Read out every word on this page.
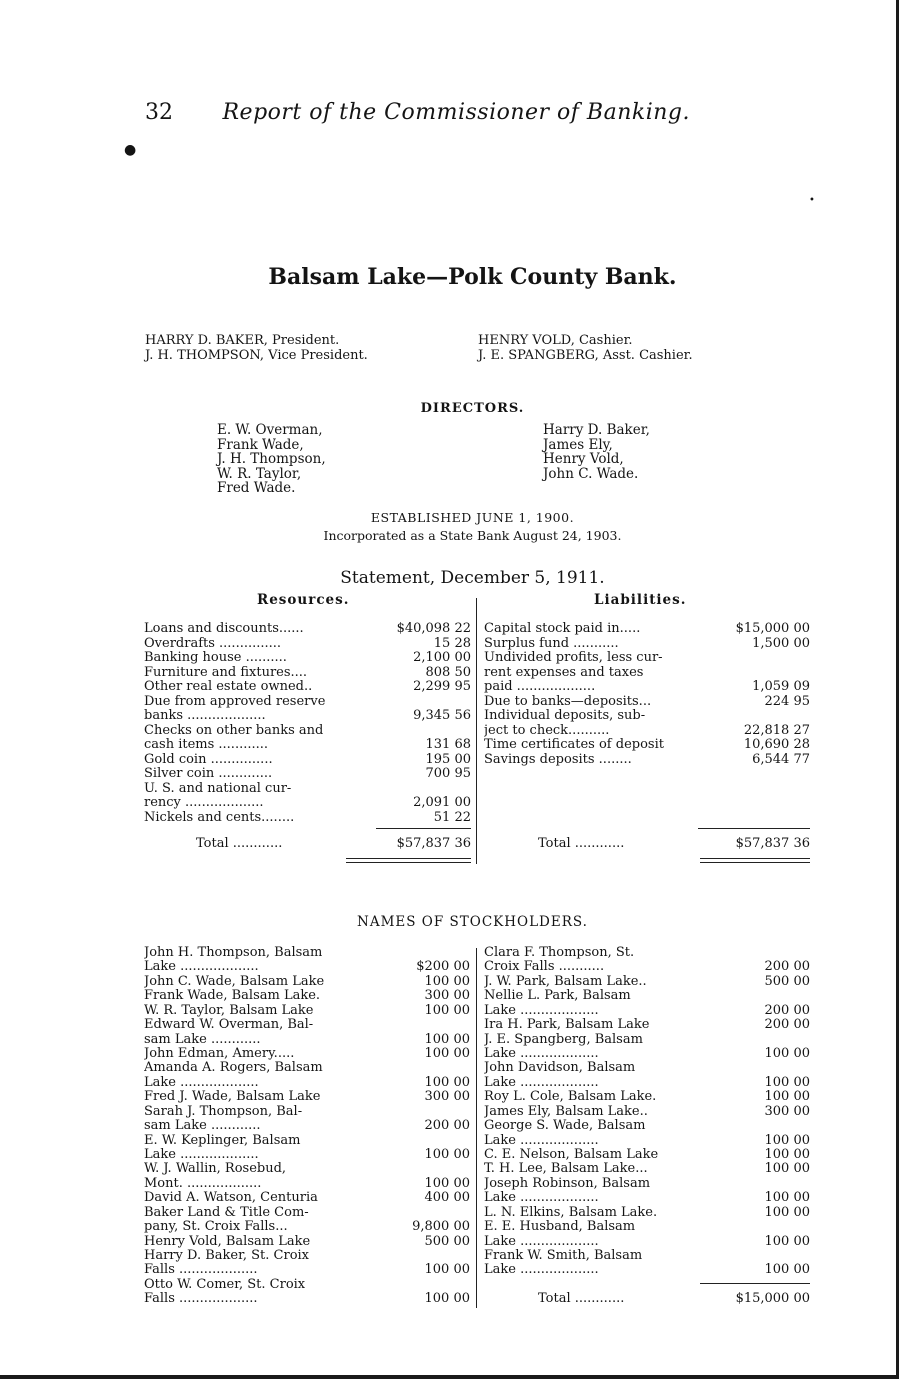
32 Report of the Commissioner of Banking.
●
•
Balsam Lake—Polk County Bank.
HARRY D. BAKER, President.
J. H. THOMPSON, Vice President.
HENRY VOLD, Cashier.
J. E. SPANGBERG, Asst. Cashier.
DIRECTORS.
E. W. Overman,
Frank Wade,
J. H. Thompson,
W. R. Taylor,
Fred Wade.
Harry D. Baker,
James Ely,
Henry Vold,
John C. Wade.
ESTABLISHED JUNE 1, 1900.
Incorporated as a State Bank August 24, 1903.
Statement, December 5, 1911.
Resources.	Liabilities.
Loans and discounts......	$40,098 22
Overdrafts ...............	15 28
Banking house ..........	2,100 00
Furniture and fixtures....	808 50
Other real estate owned..	2,299 95
Due from approved reserve
banks ...................	9,345 56
Checks on other banks and
cash items ............	131 68
Gold coin ...............	195 00
Silver coin .............	700 95
U. S. and national cur-
rency ...................	2,091 00
Nickels and cents........	51 22
Capital stock paid in.....	$15,000 00
Surplus fund ...........	1,500 00
Undivided profits, less cur-
rent expenses and taxes
paid ...................	1,059 09
Due to banks—deposits...	224 95
Individual deposits, sub-
ject to check..........	22,818 27
Time certificates of deposit	10,690 28
Savings deposits ........	6,544 77
Total ............	$57,837 36	Total ............	$57,837 36
NAMES OF STOCKHOLDERS.
John H. Thompson, Balsam
Lake ...................	$200 00
John C. Wade, Balsam Lake	100 00
Frank Wade, Balsam Lake.	300 00
W. R. Taylor, Balsam Lake	100 00
Edward W. Overman, Bal-
sam Lake ............	100 00
John Edman, Amery.....	100 00
Amanda A. Rogers, Balsam
Lake ...................	100 00
Fred J. Wade, Balsam Lake	300 00
Sarah J. Thompson, Bal-
sam Lake ............	200 00
E. W. Keplinger, Balsam
Lake ...................	100 00
W. J. Wallin, Rosebud,
Mont. ..................	100 00
David A. Watson, Centuria	400 00
Baker Land & Title Com-
pany, St. Croix Falls...	9,800 00
Henry Vold, Balsam Lake	500 00
Harry D. Baker, St. Croix
Falls ...................	100 00
Otto W. Comer, St. Croix
Falls ...................	100 00
Clara F. Thompson, St.
Croix Falls ...........	200 00
J. W. Park, Balsam Lake..	500 00
Nellie L. Park, Balsam
Lake ...................	200 00
Ira H. Park, Balsam Lake	200 00
J. E. Spangberg, Balsam
Lake ...................	100 00
John Davidson, Balsam
Lake ...................	100 00
Roy L. Cole, Balsam Lake.	100 00
James Ely, Balsam Lake..	300 00
George S. Wade, Balsam
Lake ...................	100 00
C. E. Nelson, Balsam Lake	100 00
T. H. Lee, Balsam Lake...	100 00
Joseph Robinson, Balsam
Lake ...................	100 00
L. N. Elkins, Balsam Lake.	100 00
E. E. Husband, Balsam
Lake ...................	100 00
Frank W. Smith, Balsam
Lake ...................	100 00
Total ............	$15,000 00
